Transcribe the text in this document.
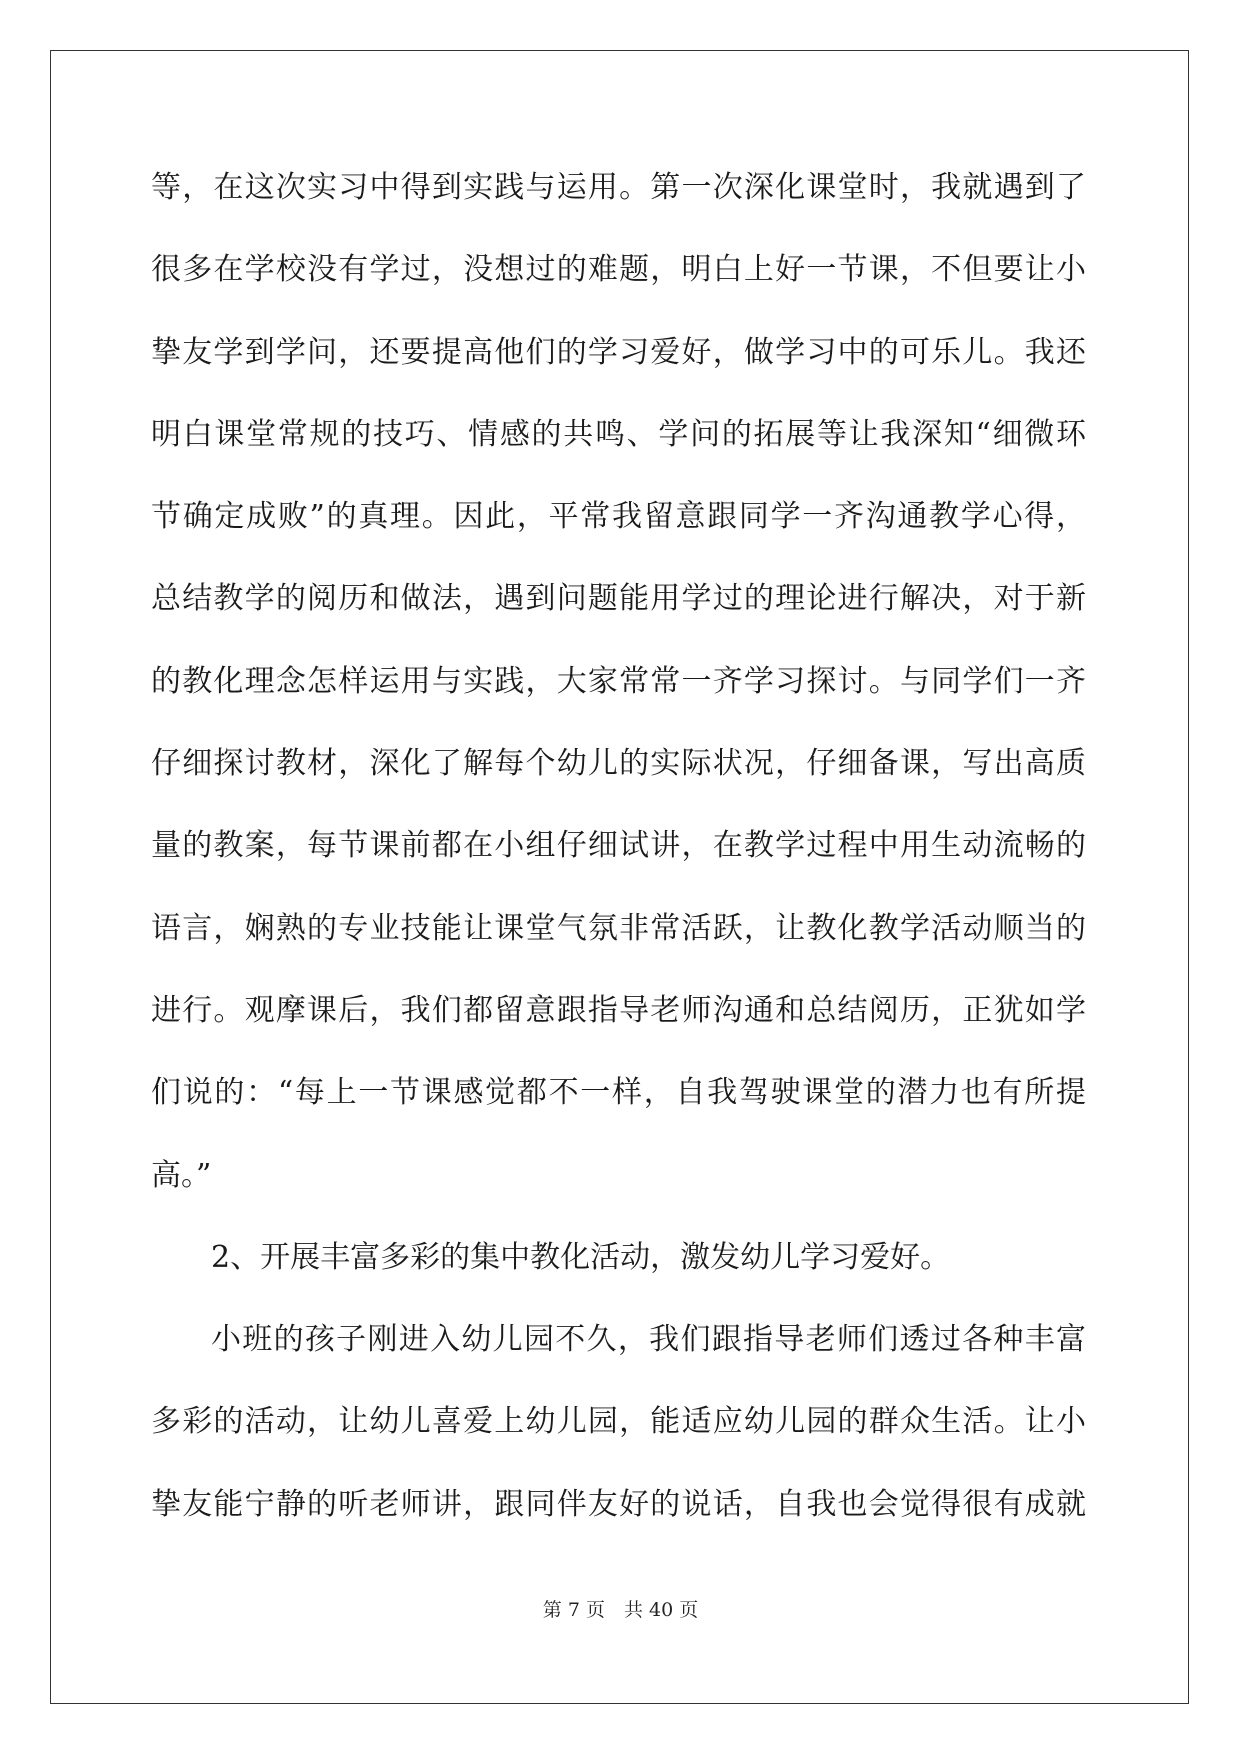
等，在这次实习中得到实践与运用。第一次深化课堂时，我就遇到了
很多在学校没有学过，没想过的难题，明白上好一节课，不但要让小
挚友学到学问，还要提高他们的学习爱好，做学习中的可乐儿。我还
明白课堂常规的技巧、情感的共鸣、学问的拓展等让我深知“细微环
节确定成败”的真理。因此，平常我留意跟同学一齐沟通教学心得，
总结教学的阅历和做法，遇到问题能用学过的理论进行解决，对于新
的教化理念怎样运用与实践，大家常常一齐学习探讨。与同学们一齐
仔细探讨教材，深化了解每个幼儿的实际状况，仔细备课，写出高质
量的教案，每节课前都在小组仔细试讲，在教学过程中用生动流畅的
语言，娴熟的专业技能让课堂气氛非常活跃，让教化教学活动顺当的
进行。观摩课后，我们都留意跟指导老师沟通和总结阅历，正犹如学
们说的：“每上一节课感觉都不一样，自我驾驶课堂的潜力也有所提
高。”
2、开展丰富多彩的集中教化活动，激发幼儿学习爱好。
小班的孩子刚进入幼儿园不久，我们跟指导老师们透过各种丰富
多彩的活动，让幼儿喜爱上幼儿园，能适应幼儿园的群众生活。让小
挚友能宁静的听老师讲，跟同伴友好的说话，自我也会觉得很有成就
第 7 页　共 40 页
